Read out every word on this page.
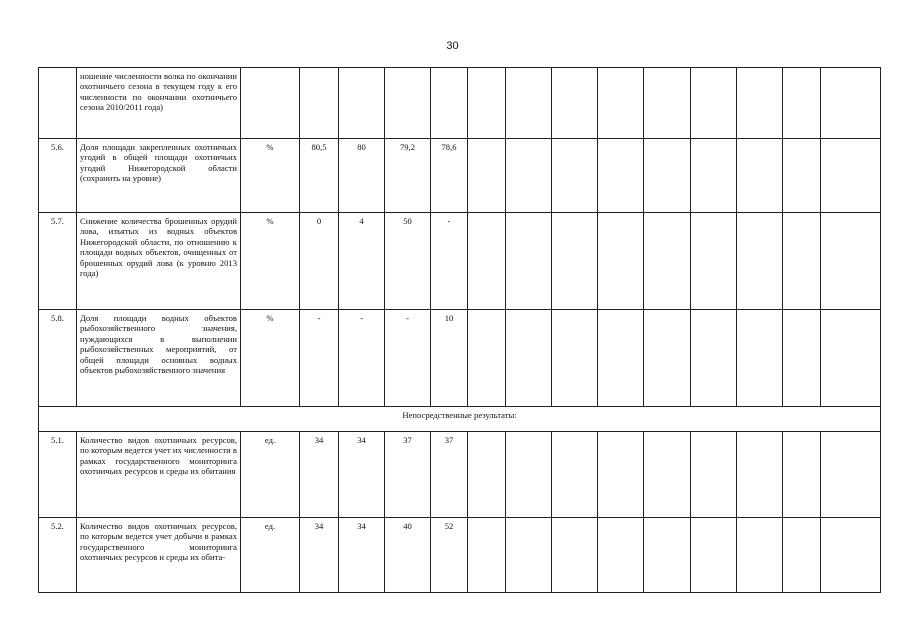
30
	ношение численности волка по окончании охотничьего сезона в текущем году к его численности по окончании охотничьего сезона 2010/2011 года)														
5.6.	Доля площади закрепленных охотничьих угодий в общей площади охотничьих угодий Нижегородской области (сохранить на уровне)	%	80,5	80	79,2	78,6									
5.7.	Снижение количества брошенных орудий лова, изъятых из водных объектов Нижегородской области, по отношению к площади водных объектов, очищенных от брошенных орудий лова (к уровню 2013 года)	%	0	4	50	-									
5.8.	Доля площади водных объектов рыбохозяйственного значения, нуждающихся в выполнении рыбохозяйственных мероприятий, от общей площади основных водных объектов рыбохозяйственного значения	%	-	-	-	10									
Непосредственные результаты:															
5.1.	Количество видов охотничьих ресурсов, по которым ведется учет их численности в рамках государственного мониторинга охотничьих ресурсов и среды их обитания	ед.	34	34	37	37									
5.2.	Количество видов охотничьих ресурсов, по которым ведется учет добычи в рамках государственного мониторинга охотничьих ресурсов и среды их обита-	ед.	34	34	40	52									
